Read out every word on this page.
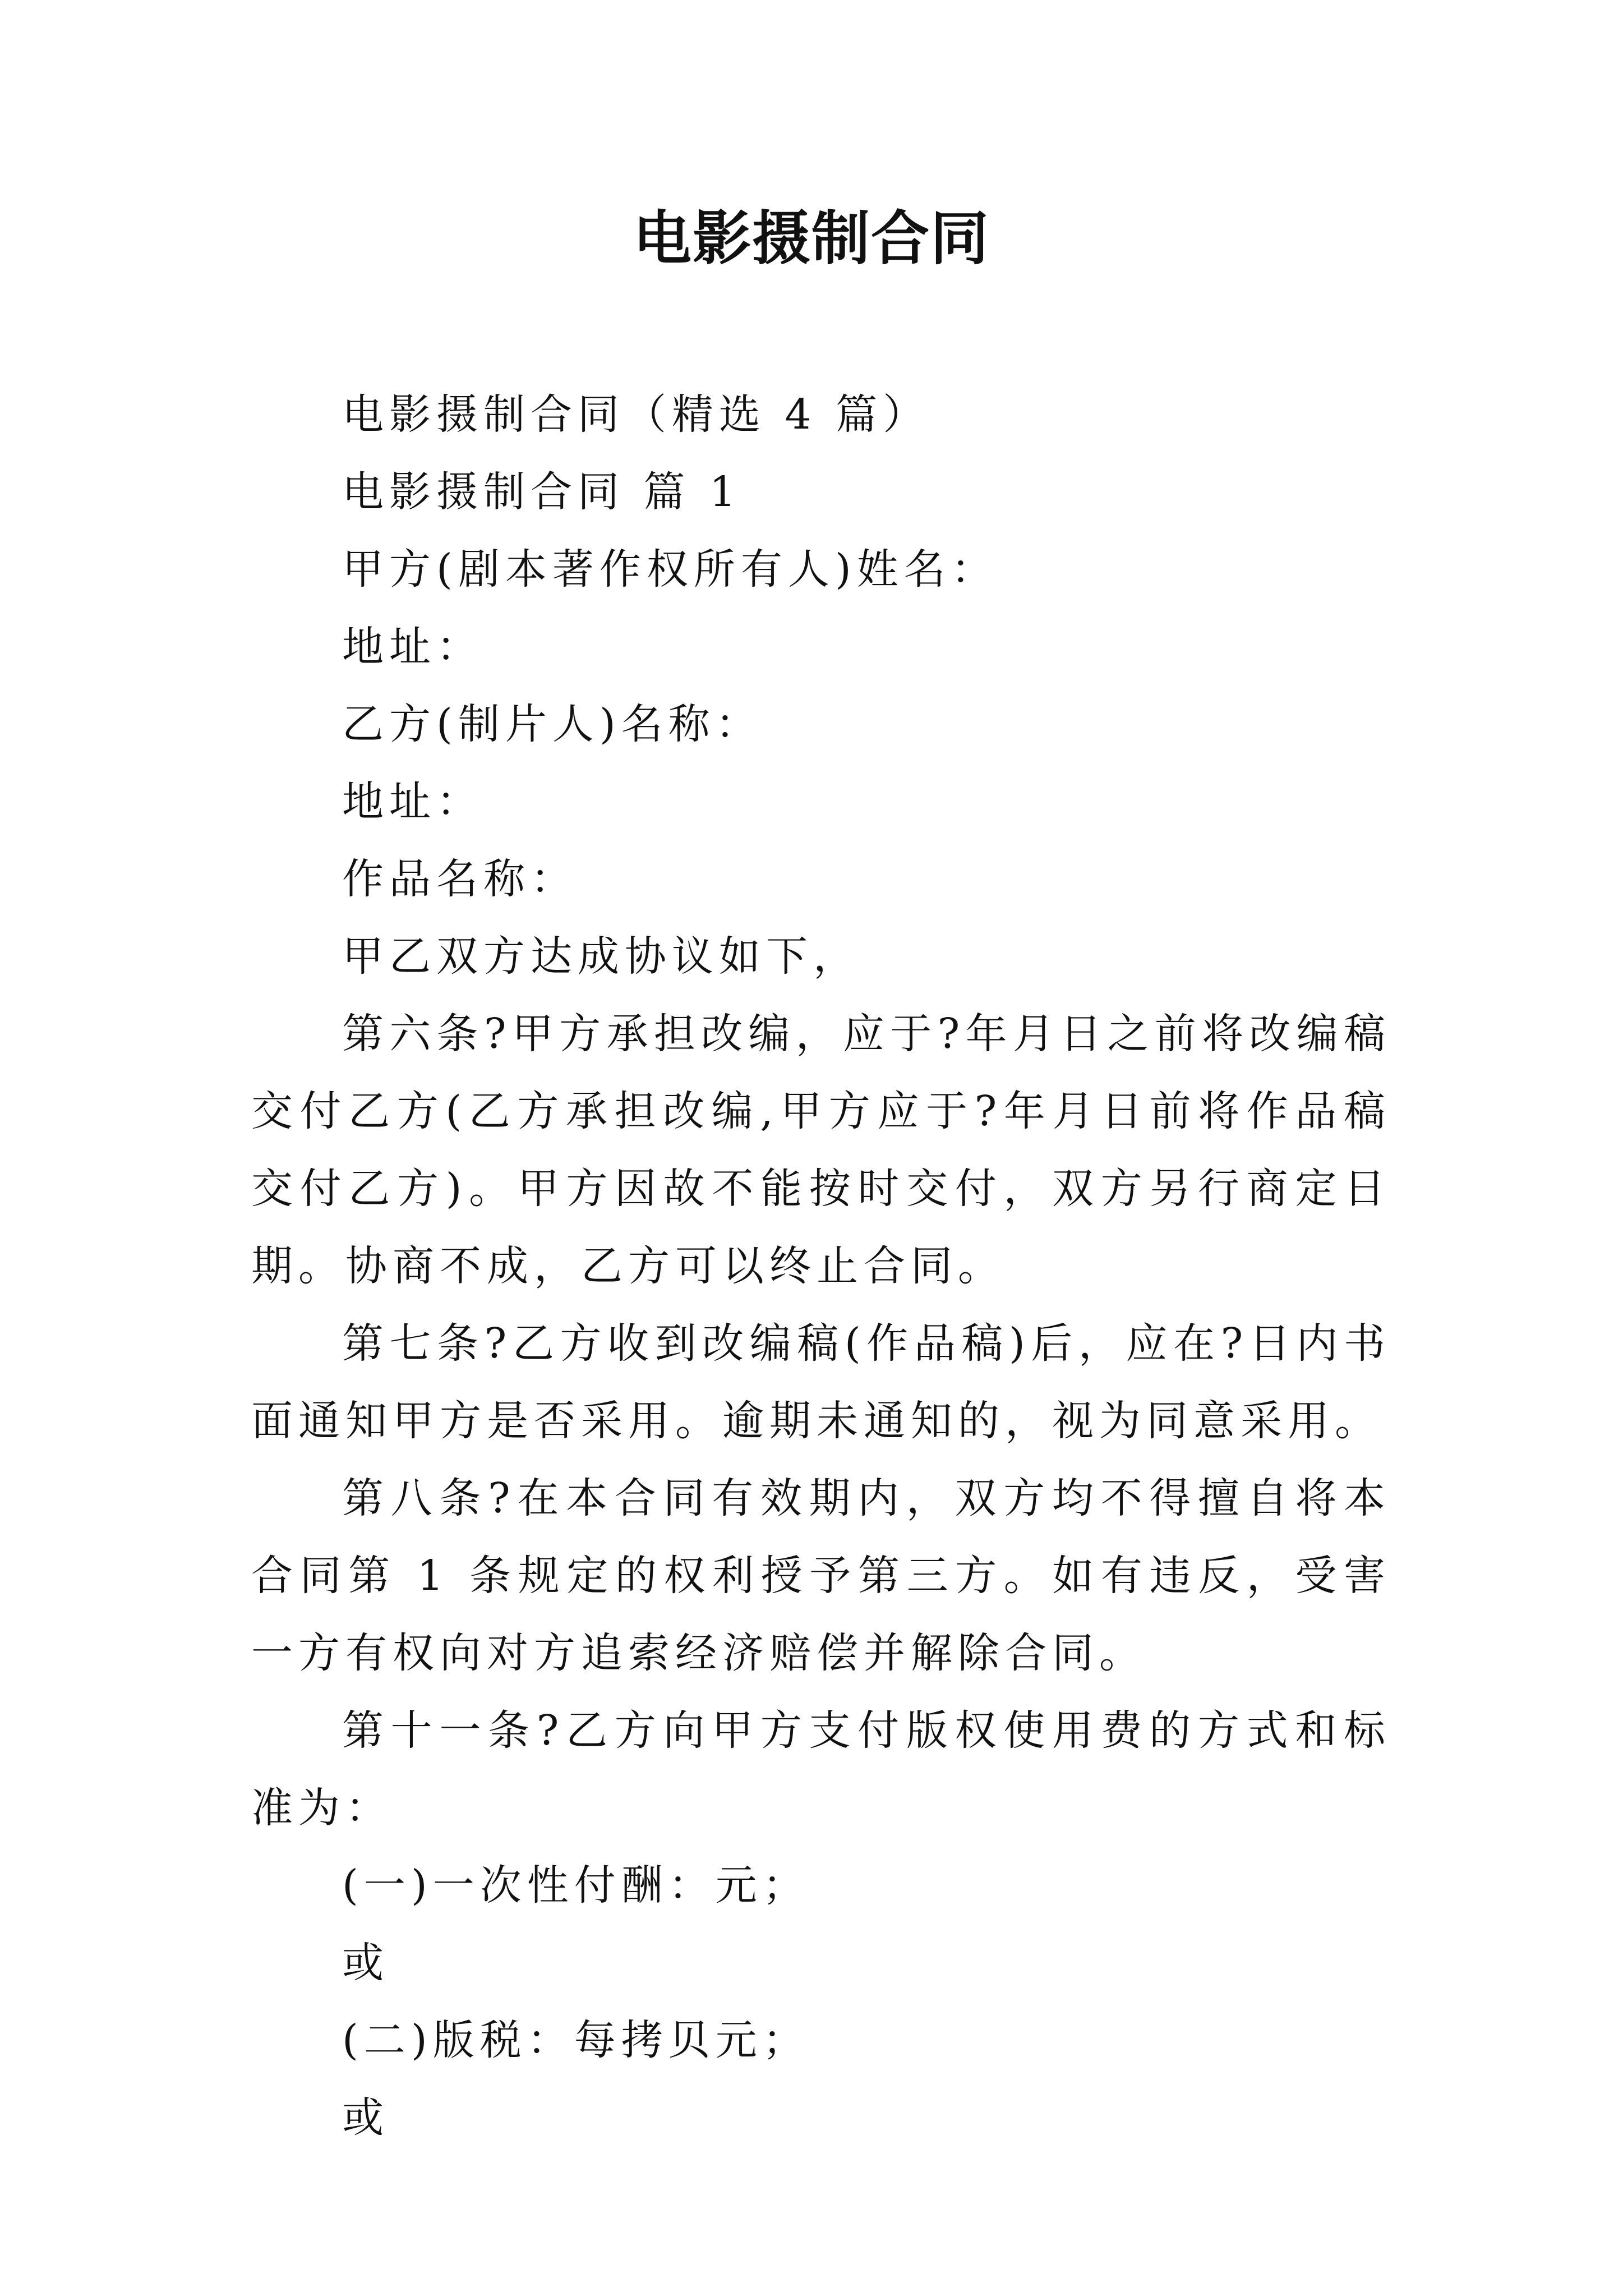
电影摄制合同

电影摄制合同（精选 4 篇）

电影摄制合同 篇 1

甲方(剧本著作权所有人)姓名：

地址：

乙方(制片人)名称：

地址：

作品名称：

甲乙双方达成协议如下，

第六条?甲方承担改编，应于?年月日之前将改编稿交付乙方(乙方承担改编,甲方应于?年月日前将作品稿交付乙方)。甲方因故不能按时交付，双方另行商定日期。协商不成，乙方可以终止合同。

第七条?乙方收到改编稿(作品稿)后，应在?日内书面通知甲方是否采用。逾期未通知的，视为同意采用。

第八条?在本合同有效期内，双方均不得擅自将本合同第 1 条规定的权利授予第三方。如有违反，受害一方有权向对方追索经济赔偿并解除合同。

第十一条?乙方向甲方支付版权使用费的方式和标准为：

(一)一次性付酬：元；

或

(二)版税：每拷贝元；

或
